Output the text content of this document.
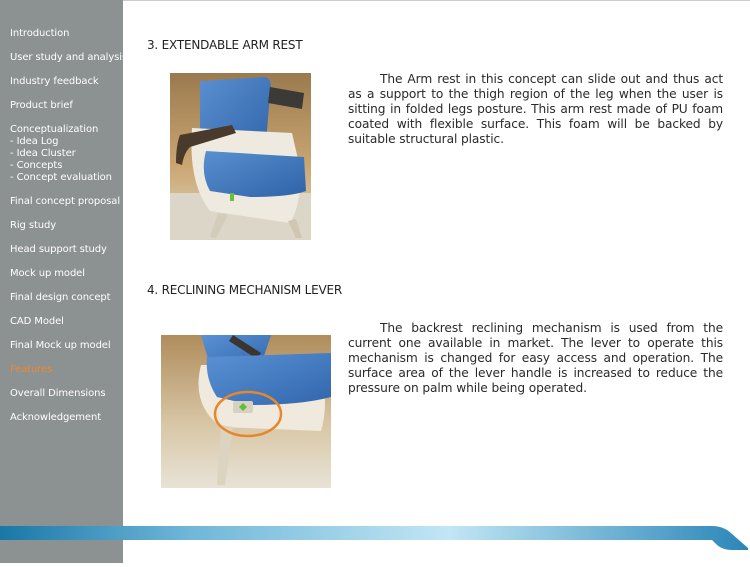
Introduction
User study and analysis
Industry feedback
Product brief
Conceptualization
- Idea Log
- Idea Cluster
- Concepts
- Concept evaluation
Final concept proposal
Rig study
Head support study
Mock up model
Final design concept
CAD Model
Final Mock up model
Features
Overall Dimensions
Acknowledgement
3. EXTENDABLE ARM REST

The Arm rest in this concept can slide out and thus act as a support to the thigh region of the leg when the user is sitting in folded legs posture. This arm rest made of PU foam coated with flexible surface. This foam will be backed by suitable structural plastic.

4. RECLINING MECHANISM LEVER

The backrest reclining mechanism is used from the current one available in market. The lever to operate this mechanism is changed for easy access and operation. The surface area of the lever handle is increased to reduce the pressure on palm while being operated.
